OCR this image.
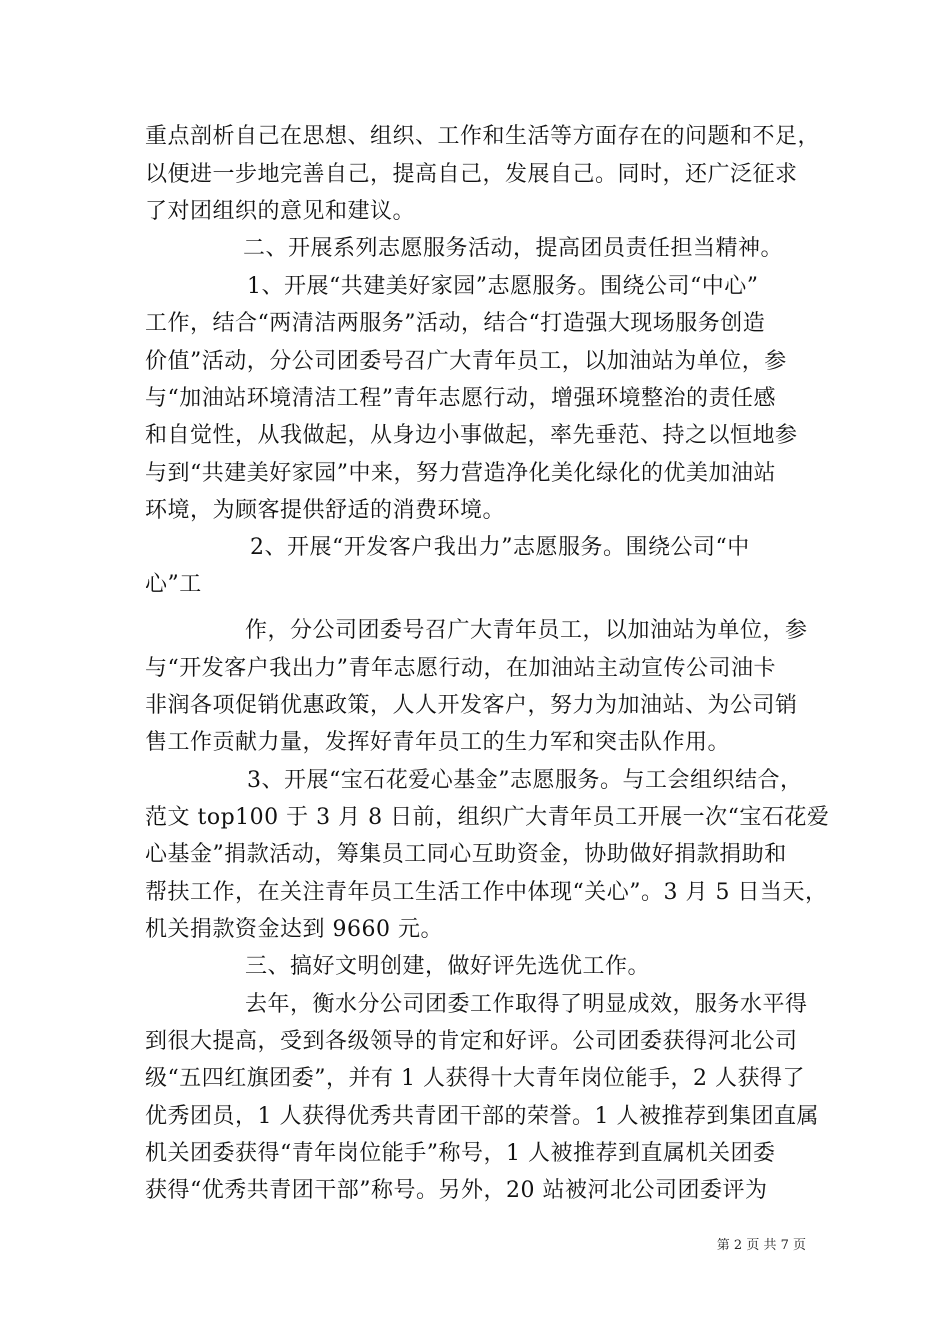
重点剖析自己在思想、组织、工作和生活等方面存在的问题和不足，
以便进一步地完善自己，提高自己，发展自己。同时，还广泛征求
了对团组织的意见和建议。
二、开展系列志愿服务活动，提高团员责任担当精神。
1、开展“共建美好家园”志愿服务。围绕公司“中心”
工作，结合“两清洁两服务”活动，结合“打造强大现场服务创造
价值”活动，分公司团委号召广大青年员工，以加油站为单位，参
与“加油站环境清洁工程”青年志愿行动，增强环境整治的责任感
和自觉性，从我做起，从身边小事做起，率先垂范、持之以恒地参
与到“共建美好家园”中来，努力营造净化美化绿化的优美加油站
环境，为顾客提供舒适的消费环境。
2、开展“开发客户我出力”志愿服务。围绕公司“中
心”工
作，分公司团委号召广大青年员工，以加油站为单位，参
与“开发客户我出力”青年志愿行动，在加油站主动宣传公司油卡
非润各项促销优惠政策，人人开发客户，努力为加油站、为公司销
售工作贡献力量，发挥好青年员工的生力军和突击队作用。
3、开展“宝石花爱心基金”志愿服务。与工会组织结合，
范文 top100 于 3 月 8 日前，组织广大青年员工开展一次“宝石花爱
心基金”捐款活动，筹集员工同心互助资金，协助做好捐款捐助和
帮扶工作，在关注青年员工生活工作中体现“关心”。3 月 5 日当天，
机关捐款资金达到 9660 元。
三、搞好文明创建，做好评先选优工作。
去年，衡水分公司团委工作取得了明显成效，服务水平得
到很大提高，受到各级领导的肯定和好评。公司团委获得河北公司
级“五四红旗团委”，并有 1 人获得十大青年岗位能手，2 人获得了
优秀团员，1 人获得优秀共青团干部的荣誉。1 人被推荐到集团直属
机关团委获得“青年岗位能手”称号，1 人被推荐到直属机关团委
获得“优秀共青团干部”称号。另外，20 站被河北公司团委评为
第 2 页 共 7 页
